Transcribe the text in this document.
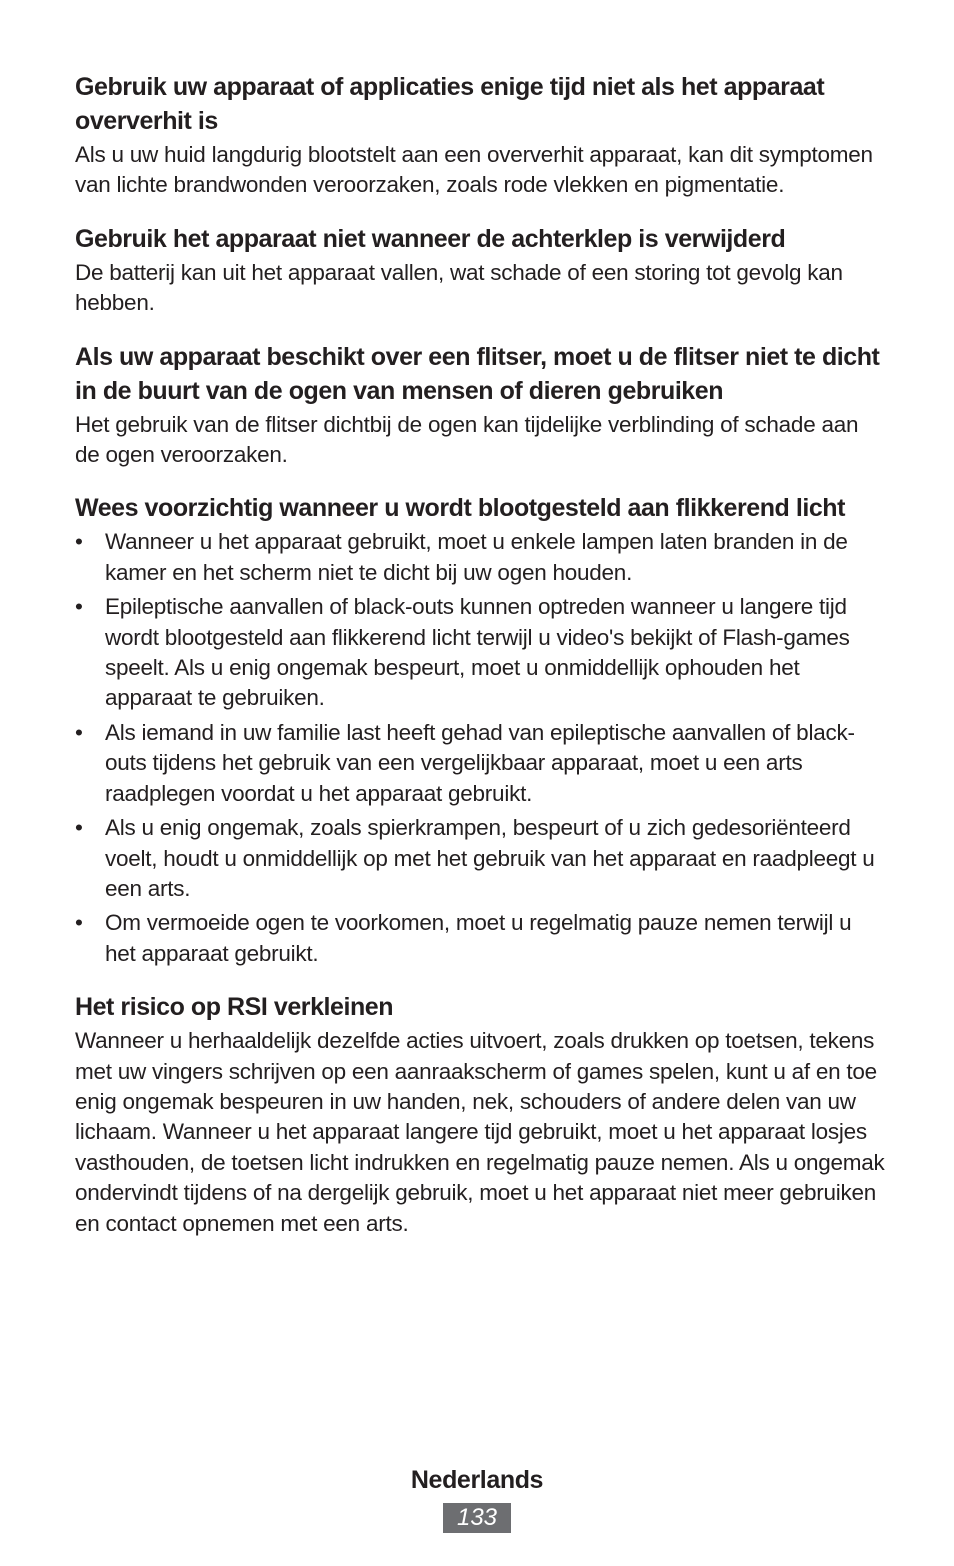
Gebruik uw apparaat of applicaties enige tijd niet als het apparaat oververhit is

Als u uw huid langdurig blootstelt aan een oververhit apparaat, kan dit symptomen van lichte brandwonden veroorzaken, zoals rode vlekken en pigmentatie.

Gebruik het apparaat niet wanneer de achterklep is verwijderd

De batterij kan uit het apparaat vallen, wat schade of een storing tot gevolg kan hebben.

Als uw apparaat beschikt over een flitser, moet u de flitser niet te dicht in de buurt van de ogen van mensen of dieren gebruiken

Het gebruik van de flitser dichtbij de ogen kan tijdelijke verblinding of schade aan de ogen veroorzaken.

Wees voorzichtig wanneer u wordt blootgesteld aan flikkerend licht
• Wanneer u het apparaat gebruikt, moet u enkele lampen laten branden in de kamer en het scherm niet te dicht bij uw ogen houden.
• Epileptische aanvallen of black-outs kunnen optreden wanneer u langere tijd wordt blootgesteld aan flikkerend licht terwijl u video's bekijkt of Flash-games speelt. Als u enig ongemak bespeurt, moet u onmiddellijk ophouden het apparaat te gebruiken.
• Als iemand in uw familie last heeft gehad van epileptische aanvallen of black-outs tijdens het gebruik van een vergelijkbaar apparaat, moet u een arts raadplegen voordat u het apparaat gebruikt.
• Als u enig ongemak, zoals spierkrampen, bespeurt of u zich gedesoriënteerd voelt, houdt u onmiddellijk op met het gebruik van het apparaat en raadpleegt u een arts.
• Om vermoeide ogen te voorkomen, moet u regelmatig pauze nemen terwijl u het apparaat gebruikt.
Het risico op RSI verkleinen

Wanneer u herhaaldelijk dezelfde acties uitvoert, zoals drukken op toetsen, tekens met uw vingers schrijven op een aanraakscherm of games spelen, kunt u af en toe enig ongemak bespeuren in uw handen, nek, schouders of andere delen van uw lichaam. Wanneer u het apparaat langere tijd gebruikt, moet u het apparaat losjes vasthouden, de toetsen licht indrukken en regelmatig pauze nemen. Als u ongemak ondervindt tijdens of na dergelijk gebruik, moet u het apparaat niet meer gebruiken en contact opnemen met een arts.

Nederlands
133
